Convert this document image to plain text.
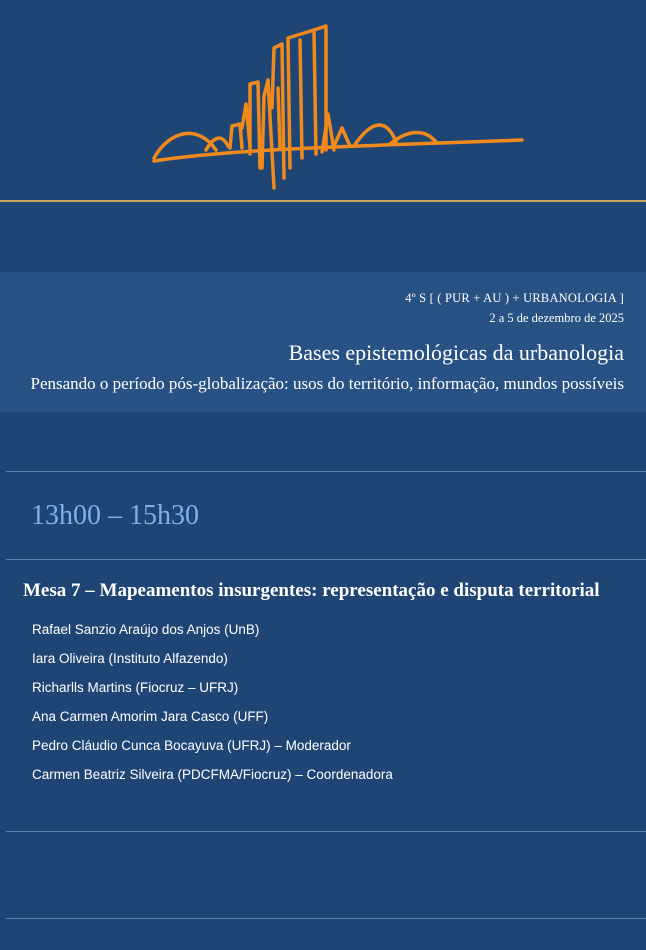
4º S [ ( PUR + AU ) + URBANOLOGIA ]
2 a 5 de dezembro de 2025
Bases epistemológicas da urbanologia
Pensando o período pós-globalização: usos do território, informação, mundos possíveis
13h00 – 15h30
Mesa 7 – Mapeamentos insurgentes: representação e disputa territorial
Rafael Sanzio Araújo dos Anjos (UnB)
Iara Oliveira (Instituto Alfazendo)
Richarlls Martins (Fiocruz – UFRJ)
Ana Carmen Amorim Jara Casco (UFF)
Pedro Cláudio Cunca Bocayuva (UFRJ) – Moderador
Carmen Beatriz Silveira (PDCFMA/Fiocruz) – Coordenadora
